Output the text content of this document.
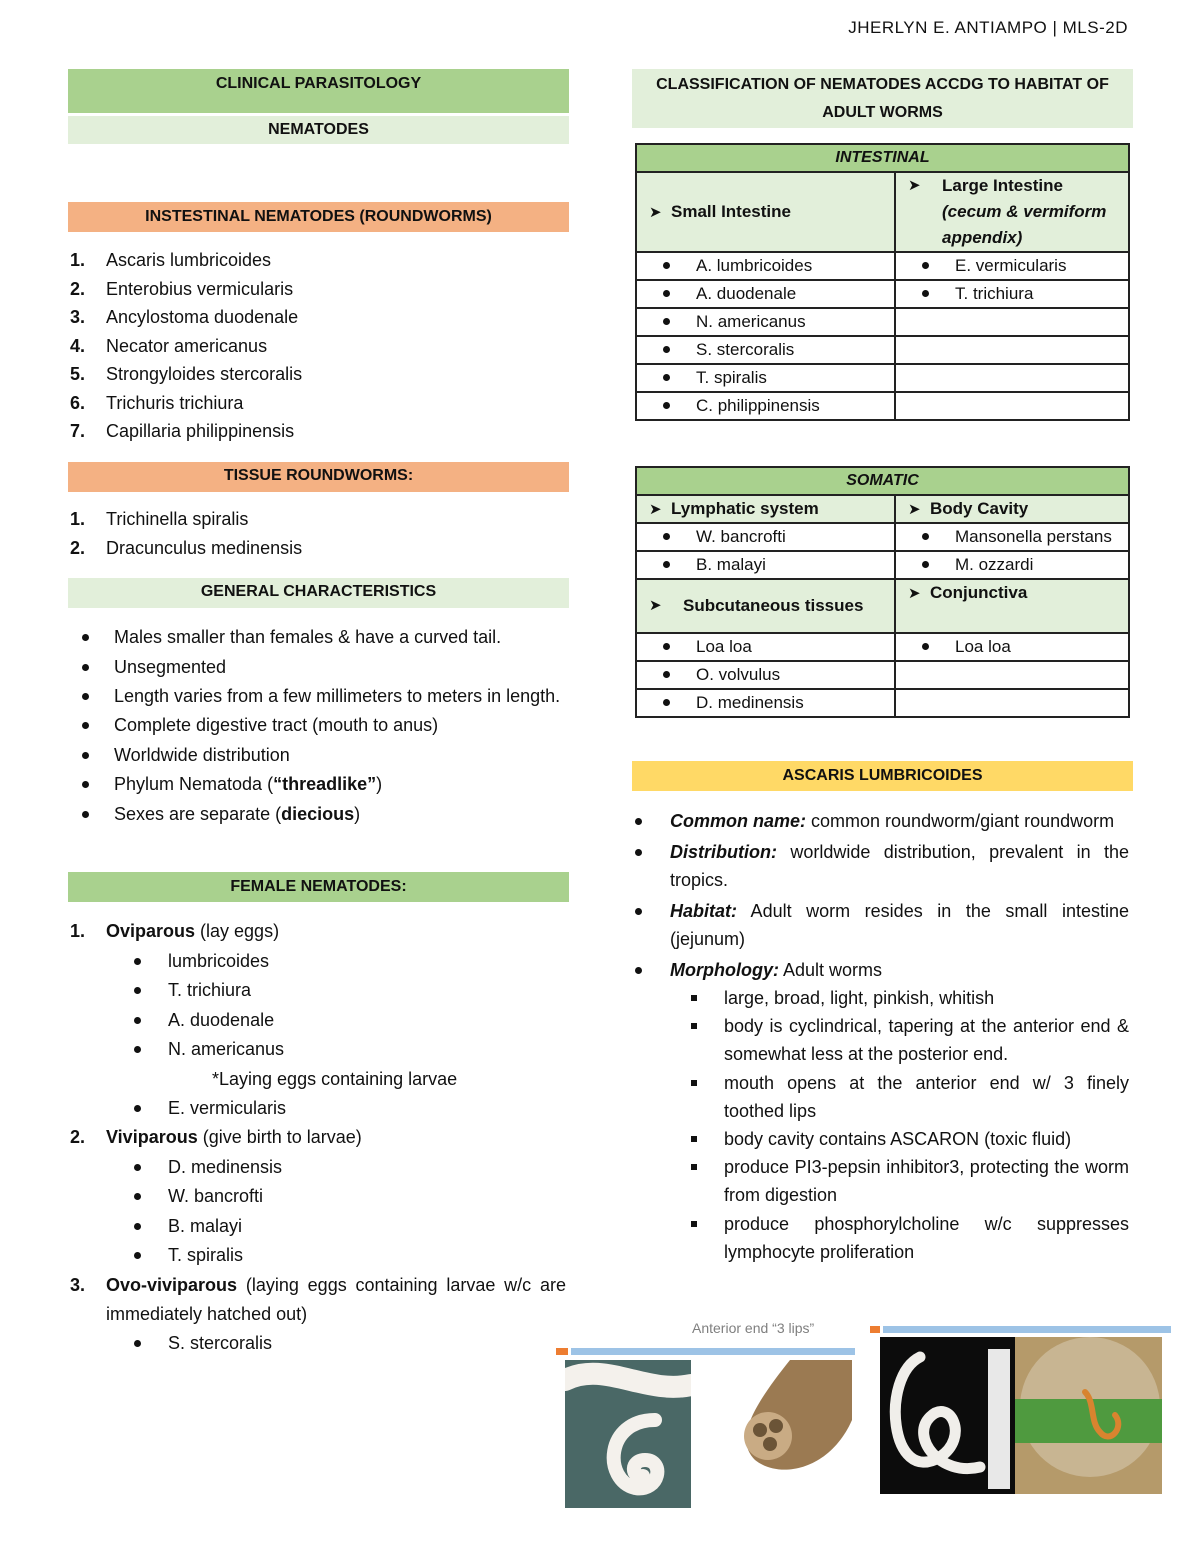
JHERLYN E. ANTIAMPO | MLS-2D
CLINICAL PARASITOLOGY
NEMATODES
INSTESTINAL NEMATODES (ROUNDWORMS)
1. Ascaris lumbricoides
2. Enterobius vermicularis
3. Ancylostoma duodenale
4. Necator americanus
5. Strongyloides stercoralis
6. Trichuris trichiura
7. Capillaria philippinensis
TISSUE ROUNDWORMS:
1. Trichinella spiralis
2. Dracunculus medinensis
GENERAL CHARACTERISTICS
Males smaller than females & have a curved tail.
Unsegmented
Length varies from a few millimeters to meters in length.
Complete digestive tract (mouth to anus)
Worldwide distribution
Phylum Nematoda (“threadlike”)
Sexes are separate (diecious)
FEMALE NEMATODES:
1. Oviparous (lay eggs)
lumbricoides
T. trichiura
A. duodenale
N. americanus
*Laying eggs containing larvae
E. vermicularis
2. Viviparous (give birth to larvae)
D. medinensis
W. bancrofti
B. malayi
T. spiralis
3. Ovo-viviparous (laying eggs containing larvae w/c are immediately hatched out)
S. stercoralis
CLASSIFICATION OF NEMATODES ACCDG TO HABITAT OF ADULT WORMS
INTESTINAL	
➤ Small Intestine	➤ Large Intestine
(cecum & vermiform appendix)

A. lumbricoides	E. vermicularis
A. duodenale	T. trichiura
N. americanus	
S. stercoralis	
T. spiralis	
C. philippinensis	
SOMATIC	
➤ Lymphatic system	➤ Body Cavity
W. bancrofti	Mansonella perstans
B. malayi	M. ozzardi

➤ Subcutaneous tissues	➤ Conjunctiva
Loa loa	Loa loa
O. volvulus	
D. medinensis	
ASCARIS LUMBRICOIDES
Common name: common roundworm/giant roundworm
Distribution: worldwide distribution, prevalent in the tropics.
Habitat: Adult worm resides in the small intestine (jejunum)
Morphology: Adult worms
large, broad, light, pinkish, whitish
body is cyclindrical, tapering at the anterior end & somewhat less at the posterior end.
mouth opens at the anterior end w/ 3 finely toothed lips
body cavity contains ASCARON (toxic fluid)
produce PI3-pepsin inhibitor3, protecting the worm from digestion
produce phosphorylcholine w/c suppresses lymphocyte proliferation
Anterior end “3 lips”
